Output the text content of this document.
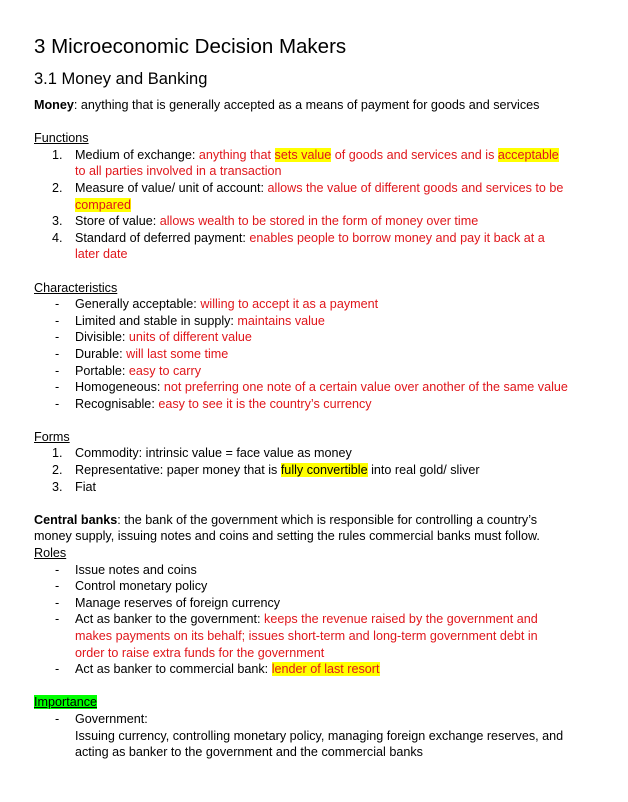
3 Microeconomic Decision Makers
3.1 Money and Banking

Money: anything that is generally accepted as a means of payment for goods and services

Functions

1. Medium of exchange: anything that sets value of goods and services and is acceptable
to all parties involved in a transaction
2. Measure of value/ unit of account: allows the value of different goods and services to be
compared
3. Store of value: allows wealth to be stored in the form of money over time
4. Standard of deferred payment: enables people to borrow money and pay it back at a
later date

Characteristics

- Generally acceptable: willing to accept it as a payment
- Limited and stable in supply: maintains value
- Divisible: units of different value
- Durable: will last some time
- Portable: easy to carry
- Homogeneous: not preferring one note of a certain value over another of the same value
- Recognisable: easy to see it is the country’s currency

Forms

1. Commodity: intrinsic value = face value as money
2. Representative: paper money that is fully convertible into real gold/ sliver
3. Fiat

Central banks: the bank of the government which is responsible for controlling a country’s
money supply, issuing notes and coins and setting the rules commercial banks must follow.

Roles

- Issue notes and coins
- Control monetary policy
- Manage reserves of foreign currency
- Act as banker to the government: keeps the revenue raised by the government and
makes payments on its behalf; issues short-term and long-term government debt in
order to raise extra funds for the government
- Act as banker to commercial bank: lender of last resort

Importance

- Government:
Issuing currency, controlling monetary policy, managing foreign exchange reserves, and
acting as banker to the government and the commercial banks
